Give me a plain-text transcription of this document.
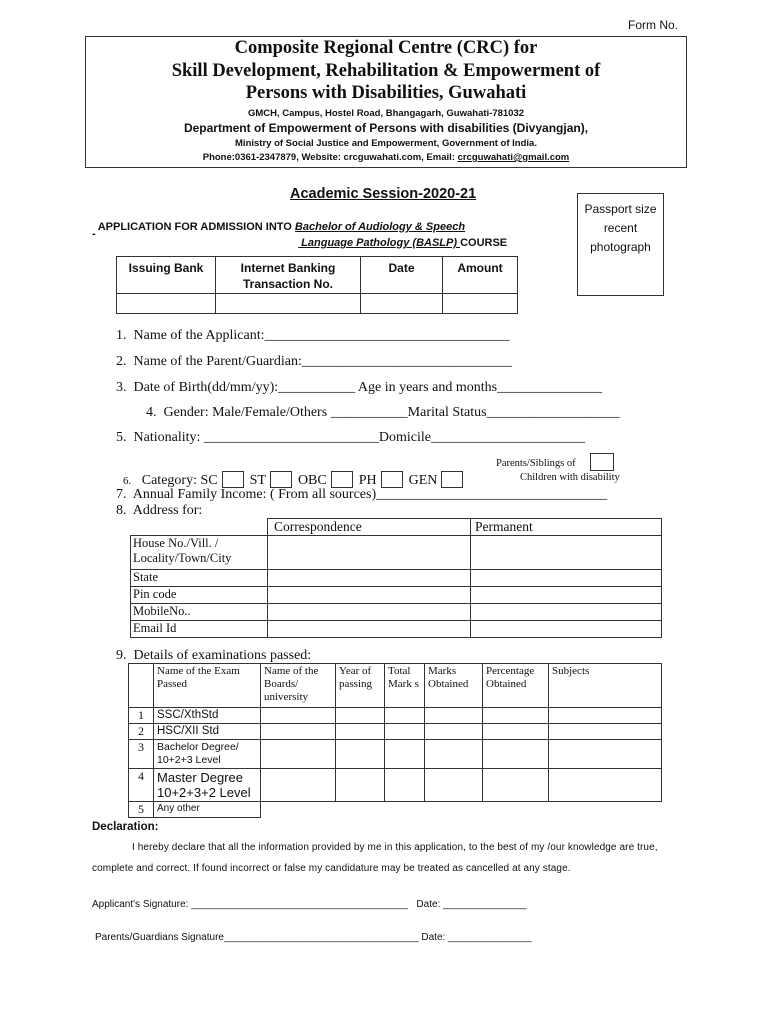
Form No.
Composite Regional Centre (CRC) for
Skill Development, Rehabilitation & Empowerment of
Persons with Disabilities, Guwahati
GMCH, Campus, Hostel Road, Bhangagarh, Guwahati-781032
Department of Empowerment of Persons with disabilities (Divyangjan),
Ministry of Social Justice and Empowerment, Government of India.
Phone:0361-2347879, Website: crcguwahati.com, Email: crcguwahati@gmail.com
Academic Session-2020-21

APPLICATION FOR ADMISSION INTO Bachelor of Audiology & Speech

-

Language Pathology (BASLP) COURSE

Passport size
recent
photograph
Issuing Bank	Internet Banking Transaction No.	Date	Amount

1.  Name of the Applicant:___________________________________
2.  Name of the Parent/Guardian:______________________________
3.  Date of Birth(dd/mm/yy):___________ Age in years and months_______________
4.  Gender: Male/Female/Others ___________Marital Status___________________
5.  Nationality: _________________________Domicile______________________

6. Category: SC ST OBC PH GEN

Parents/Siblings of
Children with disability
7.  Annual Family Income: ( From all sources)_________________________________
8.  Address for:
	Correspondence	Permanent
House No./Vill. / Locality/Town/City		
State		
Pin code		
MobileNo..		
Email Id		
9.  Details of examinations passed:
	Name of the Exam Passed	Name of the Boards/ university	Year of passing	Total Mark s	Marks Obtained	Percentage Obtained	Subjects
1	SSC/XthStd						
2	HSC/XII Std						
3	Bachelor Degree/ 10+2+3 Level						
4	Master Degree 10+2+3+2 Level						
5	Any other						
Declaration:
I hereby declare that all the information provided by me in this application, to the best of my /our knowledge are true, complete and correct. If found incorrect or false my candidature may be treated as cancelled at any stage.
Applicant's Signature: _______________________________________   Date: _______________
Parents/Guardians Signature___________________________________ Date: _______________
